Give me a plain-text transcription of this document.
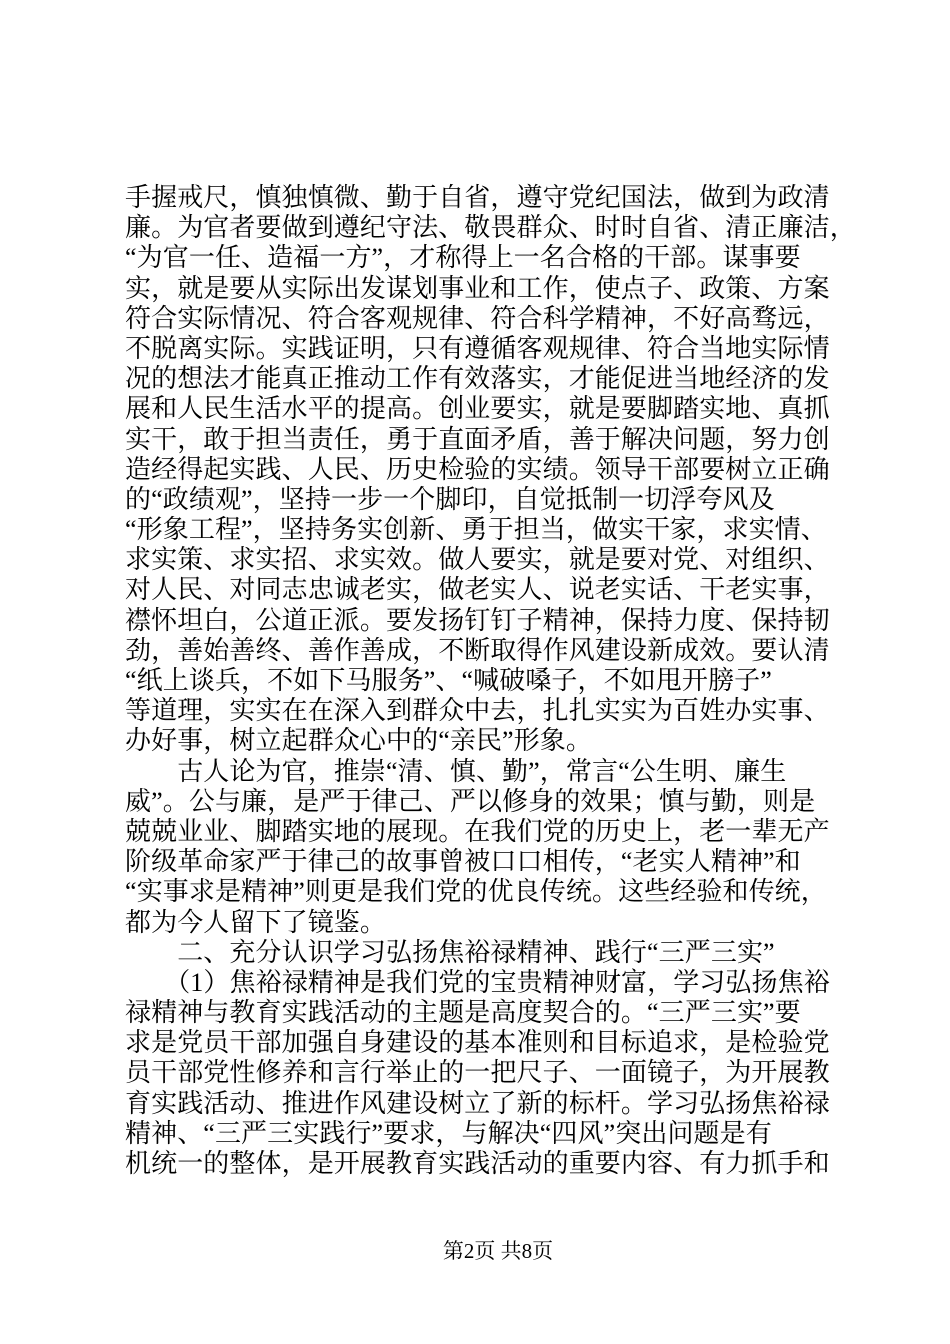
手握戒尺，慎独慎微、勤于自省，遵守党纪国法，做到为政清
廉。为官者要做到遵纪守法、敬畏群众、时时自省、清正廉洁，
“为官一任、造福一方”，才称得上一名合格的干部。谋事要
实，就是要从实际出发谋划事业和工作，使点子、政策、方案
符合实际情况、符合客观规律、符合科学精神，不好高骛远，
不脱离实际。实践证明，只有遵循客观规律、符合当地实际情
况的想法才能真正推动工作有效落实，才能促进当地经济的发
展和人民生活水平的提高。创业要实，就是要脚踏实地、真抓
实干，敢于担当责任，勇于直面矛盾，善于解决问题，努力创
造经得起实践、人民、历史检验的实绩。领导干部要树立正确
的“政绩观”，坚持一步一个脚印，自觉抵制一切浮夸风及
“形象工程”，坚持务实创新、勇于担当，做实干家，求实情、
求实策、求实招、求实效。做人要实，就是要对党、对组织、
对人民、对同志忠诚老实，做老实人、说老实话、干老实事，
襟怀坦白，公道正派。要发扬钉钉子精神，保持力度、保持韧
劲，善始善终、善作善成，不断取得作风建设新成效。要认清
“纸上谈兵，不如下马服务”、“喊破嗓子，不如甩开膀子”
等道理，实实在在深入到群众中去，扎扎实实为百姓办实事、
办好事，树立起群众心中的“亲民”形象。
　　古人论为官，推崇“清、慎、勤”，常言“公生明、廉生
威”。公与廉，是严于律己、严以修身的效果；慎与勤，则是
兢兢业业、脚踏实地的展现。在我们党的历史上，老一辈无产
阶级革命家严于律己的故事曾被口口相传，“老实人精神”和
“实事求是精神”则更是我们党的优良传统。这些经验和传统，
都为今人留下了镜鉴。
　　二、充分认识学习弘扬焦裕禄精神、践行“三严三实”
　　（1）焦裕禄精神是我们党的宝贵精神财富，学习弘扬焦裕
禄精神与教育实践活动的主题是高度契合的。“三严三实”要
求是党员干部加强自身建设的基本准则和目标追求，是检验党
员干部党性修养和言行举止的一把尺子、一面镜子，为开展教
育实践活动、推进作风建设树立了新的标杆。学习弘扬焦裕禄
精神、“三严三实践行”要求，与解决“四风”突出问题是有
机统一的整体，是开展教育实践活动的重要内容、有力抓手和
第2页 共8页
